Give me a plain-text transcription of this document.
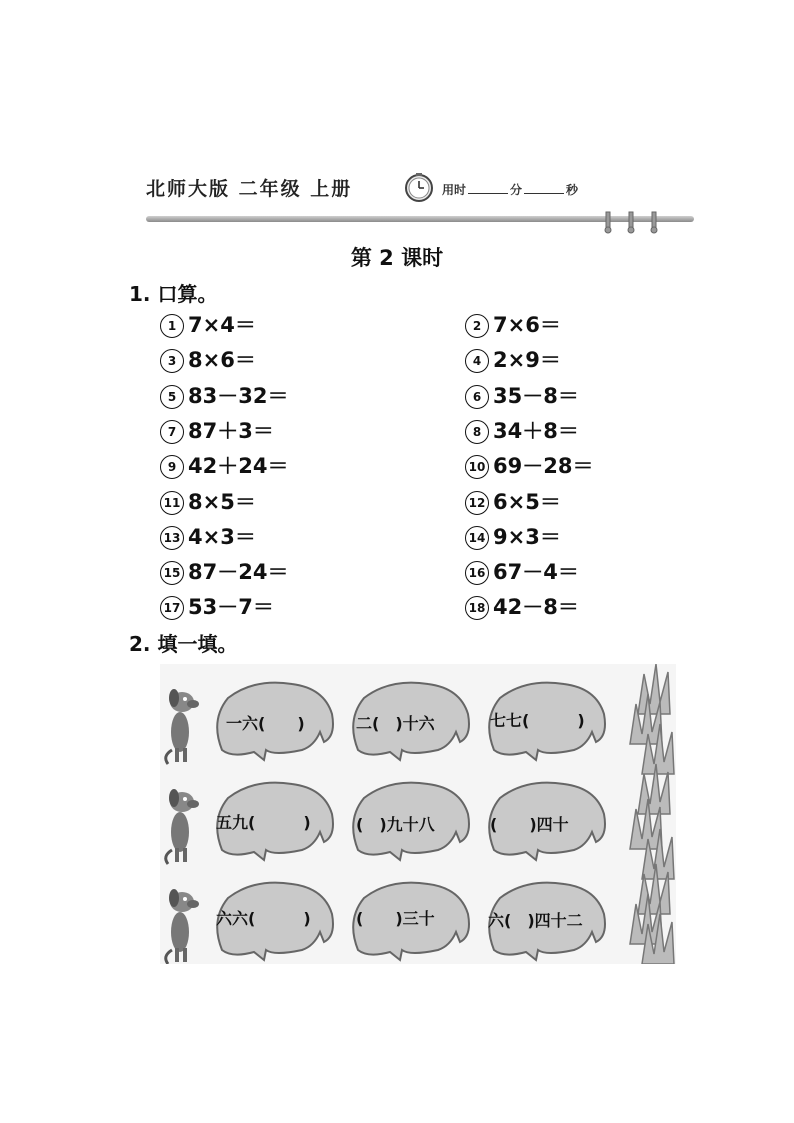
北师大版 二年级 上册	用时	分	秒
第 2 课时
1. 口算。
1 7×4＝	2 7×6＝
3 8×6＝	4 2×9＝
5 83－32＝	6 35－8＝
7 87＋3＝	8 34＋8＝
9 42＋24＝	10 69－28＝
11 8×5＝	12 6×5＝
13 4×3＝	14 9×3＝
15 87－24＝	16 67－4＝
17 53－7＝	18 42－8＝
2. 填一填。
一六(　　)	二(　)十六	七七(　　　)
五九(　　　)	(　)九十八	(　　)四十
六六(　　　)	(　　)三十	六(　)四十二
